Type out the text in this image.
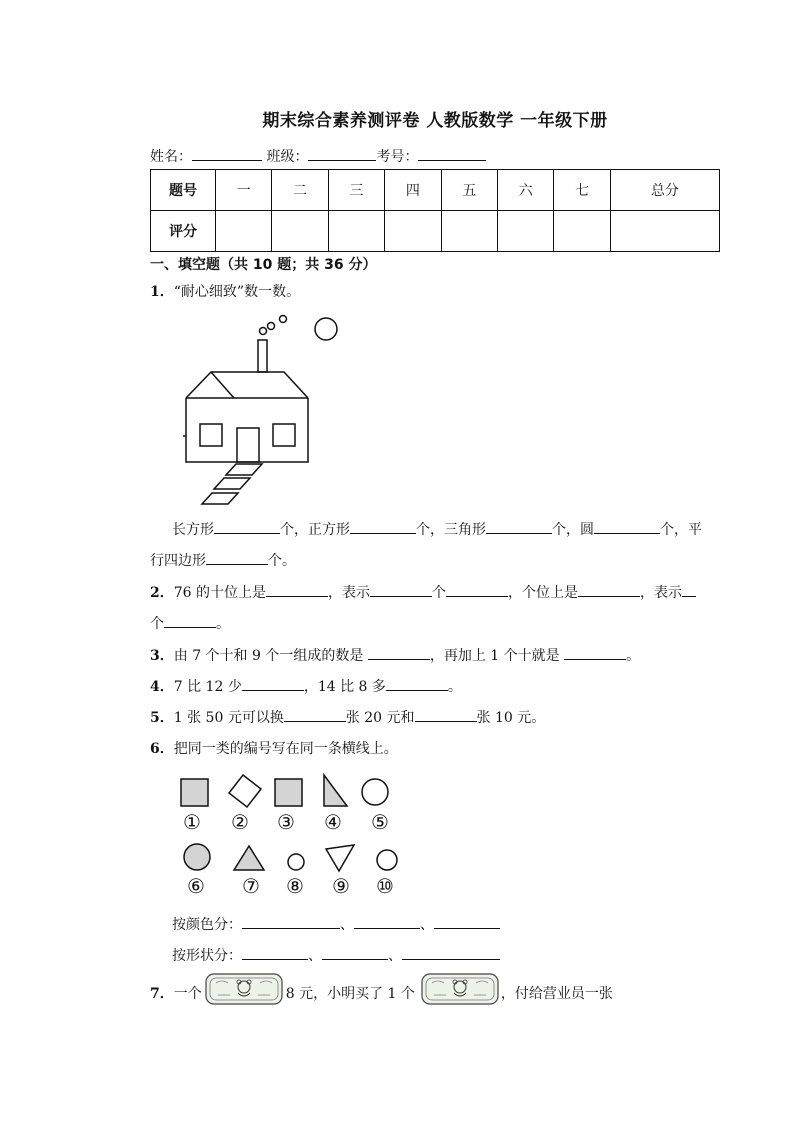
期末综合素养测评卷 人教版数学 一年级下册
姓名：	班级：	考号：
题号	一	二	三	四	五	六	七	总分
评分								
一、填空题（共 10 题；共 36 分）
1．“耐心细致”数一数。
长方形	个，正方形	个，三角形	个，圆	个，平
行四边形	个。
2．76 的十位上是	，表示	个	，个位上是	，表示
个	。
3．由 7 个十和 9 个一组成的数是	，再加上 1 个十就是	。
4．7 比 12 少	，14 比 8 多	。
5．1 张 50 元可以换	张 20 元和	张 10 元。
6．把同一类的编号写在同一条横线上。
① ② ③ ④ ⑤
⑥ ⑦ ⑧ ⑨ ⑩
按颜色分：	、	、
按形状分：	、	、
7．一个	8 元，小明买了 1 个	，付给营业员一张
